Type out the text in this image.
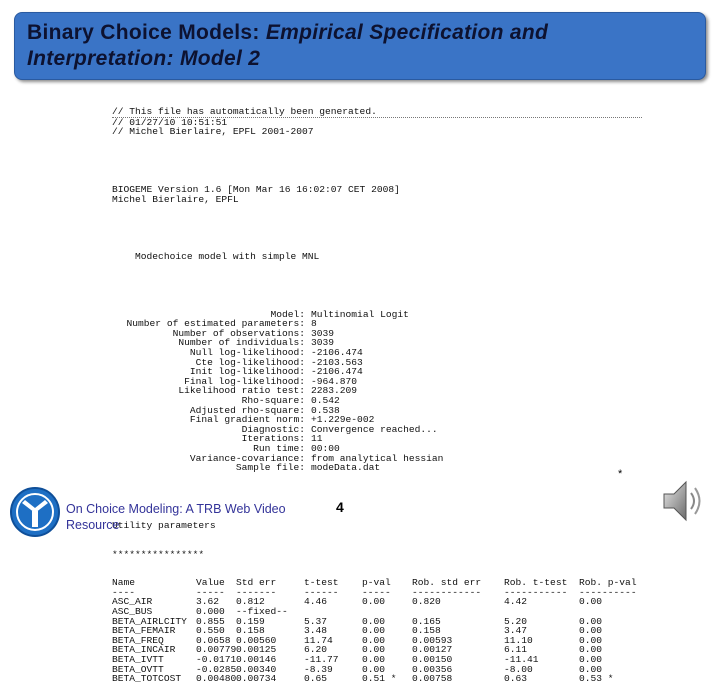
Binary Choice Models: Empirical Specification and Interpretation: Model 2

// This file has automatically been generated.
// 01/27/10 10:51:51
// Michel Bierlaire, EPFL 2001-2007

BIOGEME Version 1.6 [Mon Mar 16 16:02:07 CET 2008]
Michel Bierlaire, EPFL

Modechoice model with simple MNL

Model: Multinomial Logit
Number of estimated parameters: 8
Number of observations: 3039
Number of individuals: 3039
Null log-likelihood: -2106.474
Cte log-likelihood: -2103.563
Init log-likelihood: -2106.474
Final log-likelihood: -964.870
Likelihood ratio test: 2283.209
Rho-square: 0.542
Adjusted rho-square: 0.538
Final gradient norm: +1.229e-002
Diagnostic: Convergence reached...
Iterations: 11
Run time: 00:00
Variance-covariance: from analytical hessian
Sample file: modeData.dat

Utility parameters

****************

Name	Value	Std err	t-test	p-val	Rob. std err	Rob. t-test	Rob. p-val
----	-----	-------	------	-----	------------	-----------	----------
ASC_AIR	3.62	0.812	4.46	0.00	0.820	4.42	0.00
ASC_BUS	0.000	--fixed--
BETA_AIRLCITY 0.855	0.159	5.37	0.00	0.165	5.20	0.00
BETA_FEMAIR	0.550	0.158	3.48	0.00	0.158	3.47	0.00
BETA_FREQ	0.0658 0.00560	11.74	0.00	0.00593	11.10	0.00
BETA_INCAIR	0.00779 0.00125	6.20	0.00	0.00127	6.11	0.00
BETA_IVTT	-0.0171 0.00146	-11.77	0.00	0.00150	-11.41	0.00
BETA_OVTT	-0.0285 0.00340	-8.39	0.00	0.00356	-8.00	0.00
BETA_TOTCOST	0.00480 0.00734	0.65	0.51 *	0.00758	0.63	0.53 *

*
On Choice Modeling: A TRB Web Video Resource
4
